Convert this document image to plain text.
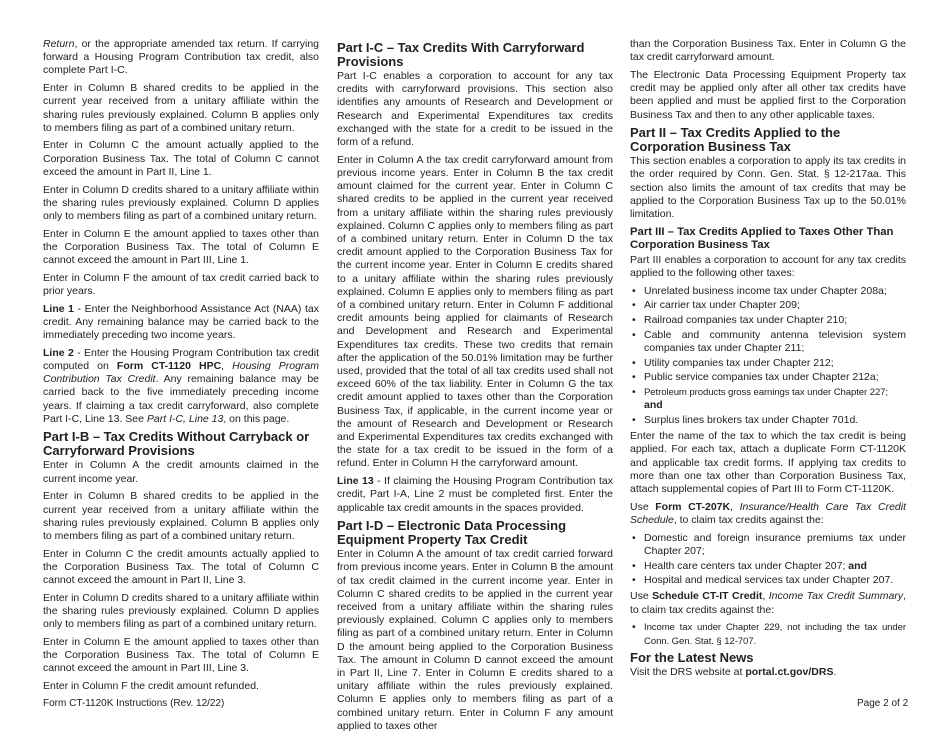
Return, or the appropriate amended tax return. If carrying forward a Housing Program Contribution tax credit, also complete Part I-C.

Enter in Column B shared credits to be applied in the current year received from a unitary affiliate within the sharing rules previously explained. Column B applies only to members filing as part of a combined unitary return.

Enter in Column C the amount actually applied to the Corporation Business Tax. The total of Column C cannot exceed the amount in Part II, Line 1.

Enter in Column D credits shared to a unitary affiliate within the sharing rules previously explained. Column D applies only to members filing as part of a combined unitary return.

Enter in Column E the amount applied to taxes other than the Corporation Business Tax. The total of Column E cannot exceed the amount in Part III, Line 1.

Enter in Column F the amount of tax credit carried back to prior years.

Line 1 - Enter the Neighborhood Assistance Act (NAA) tax credit. Any remaining balance may be carried back to the immediately preceding two income years.

Line 2 - Enter the Housing Program Contribution tax credit computed on Form CT-1120 HPC, Housing Program Contribution Tax Credit. Any remaining balance may be carried back to the five immediately preceding income years. If claiming a tax credit carryforward, also complete Part I-C, Line 13. See Part I-C, Line 13, on this page.

Part I-B – Tax Credits Without Carryback or Carryforward Provisions

Enter in Column A the credit amounts claimed in the current income year.

Enter in Column B shared credits to be applied in the current year received from a unitary affiliate within the sharing rules previously explained. Column B applies only to members filing as part of a combined unitary return.

Enter in Column C the credit amounts actually applied to the Corporation Business Tax. The total of Column C cannot exceed the amount in Part II, Line 3.

Enter in Column D credits shared to a unitary affiliate within the sharing rules previously explained. Column D applies only to members filing as part of a combined unitary return.

Enter in Column E the amount applied to taxes other than the Corporation Business Tax. The total of Column E cannot exceed the amount in Part III, Line 3.

Enter in Column F the credit amount refunded.

Part I-C – Tax Credits With Carryforward Provisions

Part I-C enables a corporation to account for any tax credits with carryforward provisions. This section also identifies any amounts of Research and Development or Research and Experimental Expenditures tax credits exchanged with the state for a credit to be issued in the form of a refund.

Enter in Column A the tax credit carryforward amount from previous income years. Enter in Column B the tax credit amount claimed for the current year. Enter in Column C shared credits to be applied in the current year received from a unitary affiliate within the sharing rules previously explained. Column C applies only to members filing as part of a combined unitary return. Enter in Column D the tax credit amount applied to the Corporation Business Tax for the current income year. Enter in Column E credits shared to a unitary affiliate within the sharing rules previously explained. Column E applies only to members filing as part of a combined unitary return. Enter in Column F additional credit amounts being applied for claimants of Research and Development and Research and Experimental Expenditures tax credits. These two credits that remain after the application of the 50.01% limitation may be further used, provided that the total of all tax credits used shall not exceed 60% of the tax liability. Enter in Column G the tax credit amount applied to taxes other than the Corporation Business Tax, if applicable, in the current income year or the amount of Research and Development or Research and Experimental Expenditures tax credits exchanged with the state for a tax credit to be issued in the form of a refund. Enter in Column H the carryforward amount.

Line 13 - If claiming the Housing Program Contribution tax credit, Part I-A, Line 2 must be completed first. Enter the applicable tax credit amounts in the spaces provided.

Part I-D – Electronic Data Processing Equipment Property Tax Credit

Enter in Column A the amount of tax credit carried forward from previous income years. Enter in Column B the amount of tax credit claimed in the current income year. Enter in Column C shared credits to be applied in the current year received from a unitary affiliate within the sharing rules previously explained. Column C applies only to members filing as part of a combined unitary return. Enter in Column D the amount being applied to the Corporation Business Tax. The amount in Column D cannot exceed the amount in Part II, Line 7. Enter in Column E credits shared to a unitary affiliate within the rules previously explained. Column E applies only to members filing as part of a combined unitary return. Enter in Column F any amount applied to taxes other

than the Corporation Business Tax. Enter in Column G the tax credit carryforward amount.

The Electronic Data Processing Equipment Property tax credit may be applied only after all other tax credits have been applied and must be applied first to the Corporation Business Tax and then to any other applicable taxes.

Part II – Tax Credits Applied to the Corporation Business Tax

This section enables a corporation to apply its tax credits in the order required by Conn. Gen. Stat. § 12-217aa. This section also limits the amount of tax credits that may be applied to the Corporation Business Tax up to the 50.01% limitation.

Part III – Tax Credits Applied to Taxes Other Than Corporation Business Tax

Part III enables a corporation to account for any tax credits applied to the following other taxes:

• Unrelated business income tax under Chapter 208a;
• Air carrier tax under Chapter 209;
• Railroad companies tax under Chapter 210;
• Cable and community antenna television system companies tax under Chapter 211;
• Utility companies tax under Chapter 212;
• Public service companies tax under Chapter 212a;
• Petroleum products gross earnings tax under Chapter 227;
and
• Surplus lines brokers tax under Chapter 701d.

Enter the name of the tax to which the tax credit is being applied. For each tax, attach a duplicate Form CT-1120K and applicable tax credit forms. If applying tax credits to more than one tax other than Corporation Business Tax, attach supplemental copies of Part III to Form CT-1120K.

Use Form CT-207K, Insurance/Health Care Tax Credit Schedule, to claim tax credits against the:

• Domestic and foreign insurance premiums tax under Chapter 207;
• Health care centers tax under Chapter 207; and
• Hospital and medical services tax under Chapter 207.

Use Schedule CT-IT Credit, Income Tax Credit Summary, to claim tax credits against the:

• Income tax under Chapter 229, not including the tax under Conn. Gen. Stat. § 12-707.
For the Latest News

Visit the DRS website at portal.ct.gov/DRS.

Form CT-1120K Instructions (Rev. 12/22)	Page 2 of 2
